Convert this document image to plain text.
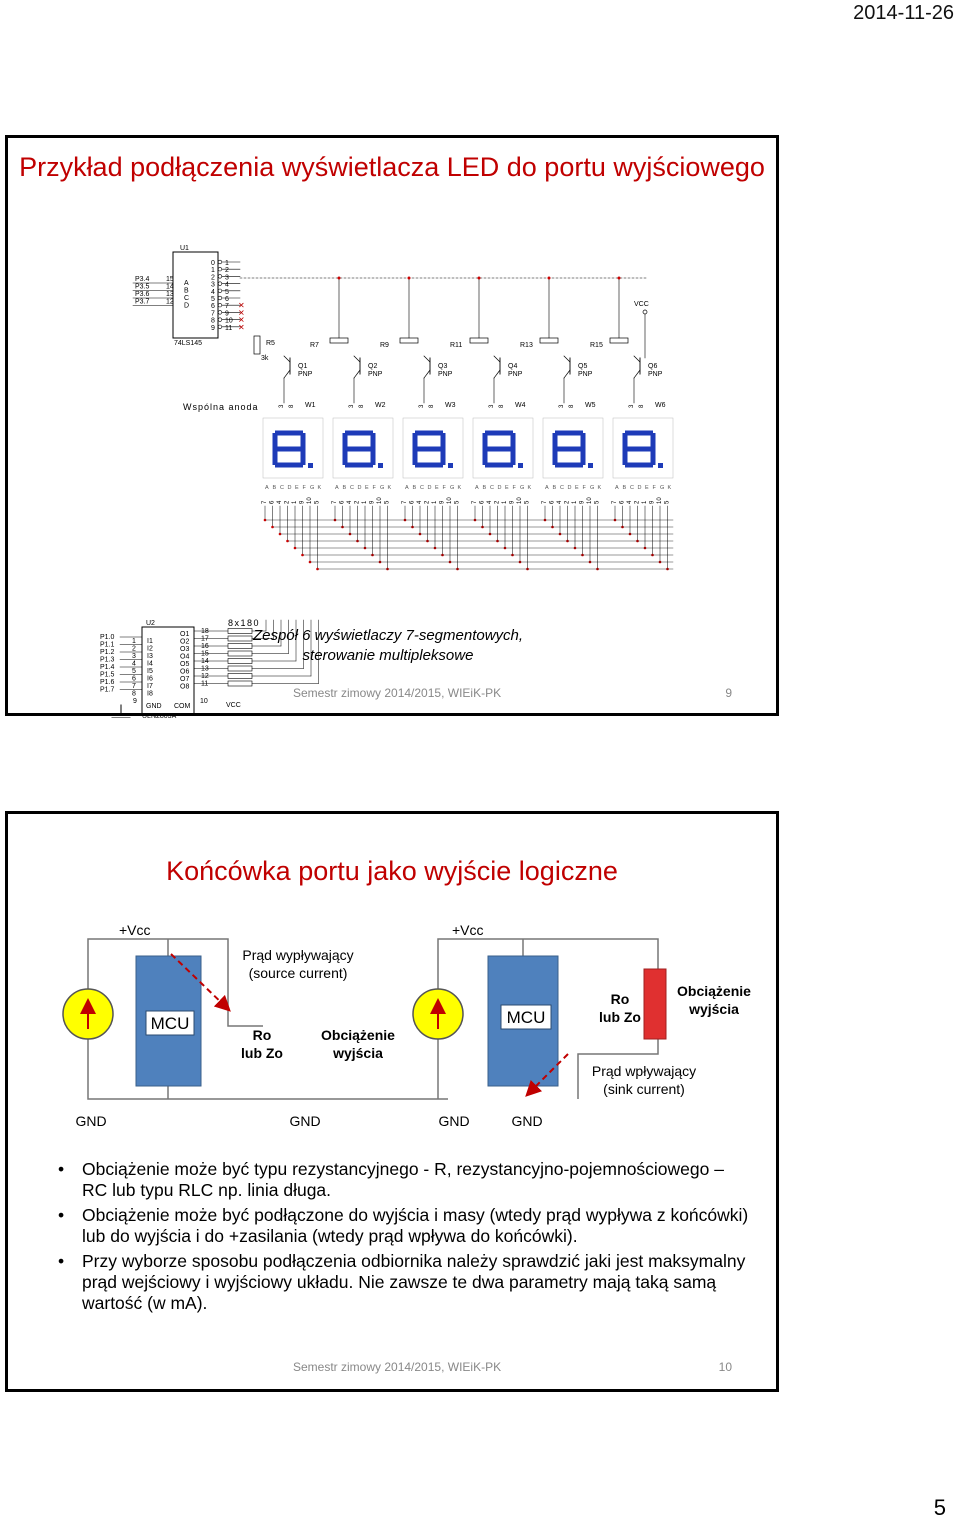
2014-11-26
Przykład podłączenia wyświetlacza LED do portu wyjściowego
U1
74LS145
P3.4 15
A
P3.5 14
B
P3.6 13
C
P3.7 12
D
0 1
1 2
2 3
3 4
4 5
5 6
6 7 ✕
7 9 ✕
8 10 ✕
9 11 ✕
R5
3k
R7	R9	R11	R13	R15
VCC
Q1
PNP
Q2
PNP
Q3
PNP
Q4
PNP
Q5
PNP
Q6
PNP
Wspólna anoda	W1
3 8
A B C D E F G K
7 6 4 2 1 9 10 5
W2
3 8
A B C D E F G K
7 6 4 2 1 9 10 5
W3
3 8
A B C D E F G K
7 6 4 2 1 9 10 5
W4
3 8
A B C D E F G K
7 6 4 2 1 9 10 5
W5
3 8
A B C D E F G K
7 6 4 2 1 9 10 5
W6
3 8
A B C D E F G K
7 6 4 2 1 9 10 5
U2
P1.0
1 I1
P1.1
2 I2
P1.2
3 I3
P1.3
4 I4
P1.4
5 I5
P1.5
6 I6
P1.6
7 I7
P1.7
8 I8
O1 18
O2 17
O3 16
O4 15
O5 14
O6 13
O7 12
O8 11
GND COM
9	10
VCC
ULN2803A
8x180
Zespół 6 wyświetlaczy 7-segmentowych,
sterowanie multipleksowe
Semestr zimowy 2014/2015, WIEiK-PK	9
Końcówka portu jako wyjście logiczne
+Vcc
MCU
Prąd wypływający
(source current)
Ro
lub Zo
Obciążenie
wyjścia
GND	GND
+Vcc
MCU
Ro
lub Zo
Obciążenie
wyjścia
Prąd wpływający
(sink current)
GND	GND
• Obciążenie może być typu rezystancyjnego - R, rezystancyjno-pojemnościowego – RC lub typu RLC np. linia długa.
• Obciążenie może być podłączone do wyjścia i masy (wtedy prąd wypływa z końcówki) lub do wyjścia i do +zasilania (wtedy prąd wpływa do końcówki).
• Przy wyborze sposobu podłączenia odbiornika należy sprawdzić jaki jest maksymalny prąd wejściowy i wyjściowy układu. Nie zawsze te dwa parametry mają taką samą wartość (w mA).
Semestr zimowy 2014/2015, WIEiK-PK	10
5
